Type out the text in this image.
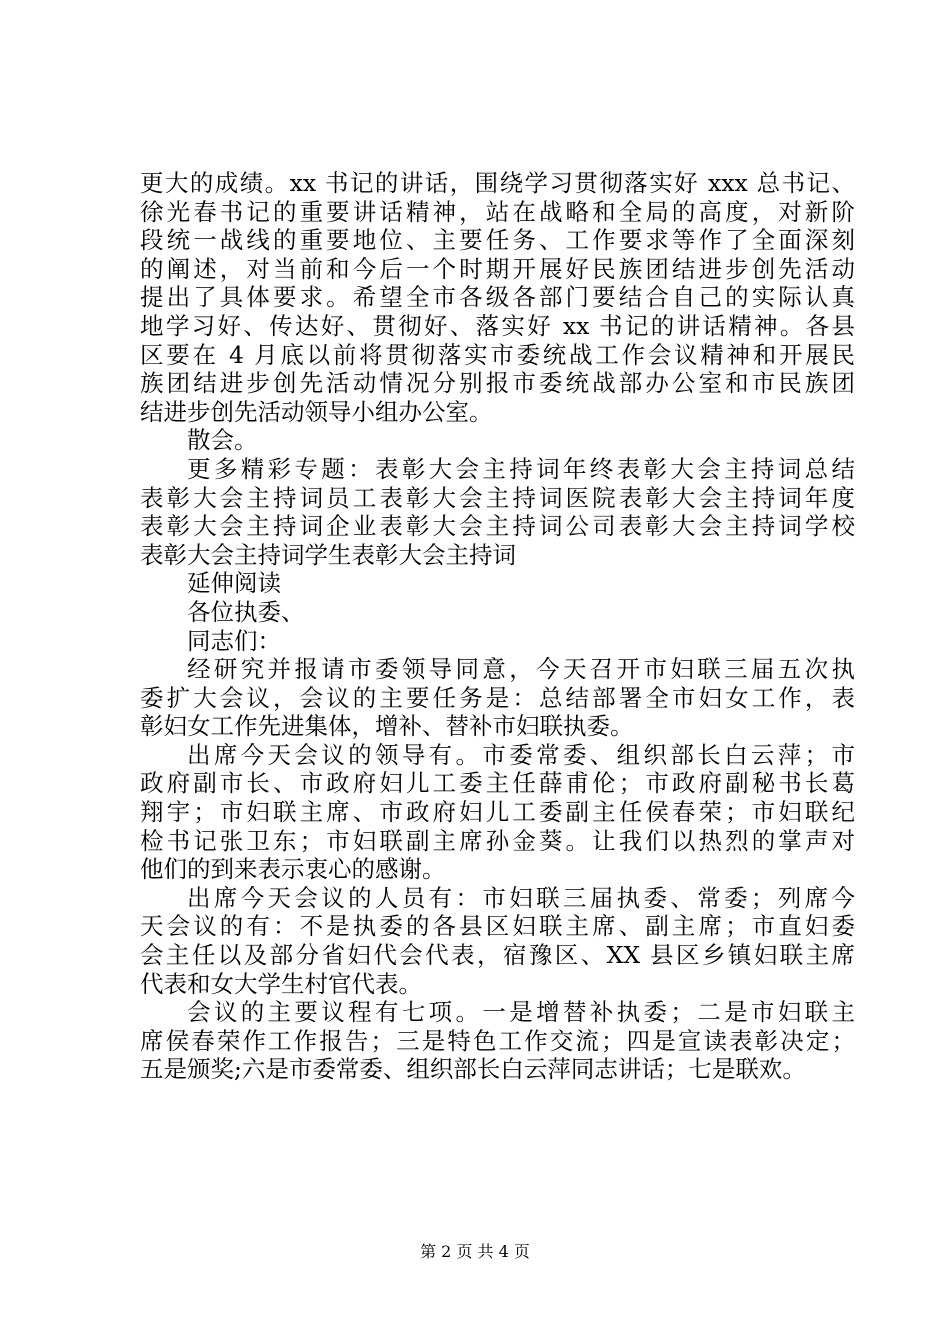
更大的成绩。xx 书记的讲话，围绕学习贯彻落实好 xxx 总书记、
徐光春书记的重要讲话精神，站在战略和全局的高度，对新阶
段统一战线的重要地位、主要任务、工作要求等作了全面深刻
的阐述，对当前和今后一个时期开展好民族团结进步创先活动
提出了具体要求。希望全市各级各部门要结合自己的实际认真
地学习好、传达好、贯彻好、落实好 xx 书记的讲话精神。各县
区要在 4 月底以前将贯彻落实市委统战工作会议精神和开展民
族团结进步创先活动情况分别报市委统战部办公室和市民族团
结进步创先活动领导小组办公室。
散会。
更多精彩专题：表彰大会主持词年终表彰大会主持词总结
表彰大会主持词员工表彰大会主持词医院表彰大会主持词年度
表彰大会主持词企业表彰大会主持词公司表彰大会主持词学校
表彰大会主持词学生表彰大会主持词
延伸阅读
各位执委、
同志们：
经研究并报请市委领导同意，今天召开市妇联三届五次执
委扩大会议，会议的主要任务是：总结部署全市妇女工作，表
彰妇女工作先进集体，增补、替补市妇联执委。
出席今天会议的领导有。市委常委、组织部长白云萍；市
政府副市长、市政府妇儿工委主任薛甫伦；市政府副秘书长葛
翔宇；市妇联主席、市政府妇儿工委副主任侯春荣；市妇联纪
检书记张卫东；市妇联副主席孙金葵。让我们以热烈的掌声对
他们的到来表示衷心的感谢。
出席今天会议的人员有：市妇联三届执委、常委；列席今
天会议的有：不是执委的各县区妇联主席、副主席；市直妇委
会主任以及部分省妇代会代表，宿豫区、XX 县区乡镇妇联主席
代表和女大学生村官代表。
会议的主要议程有七项。一是增替补执委；二是市妇联主
席侯春荣作工作报告；三是特色工作交流；四是宣读表彰决定；
五是颁奖;六是市委常委、组织部长白云萍同志讲话；七是联欢。
第 2 页 共 4 页
